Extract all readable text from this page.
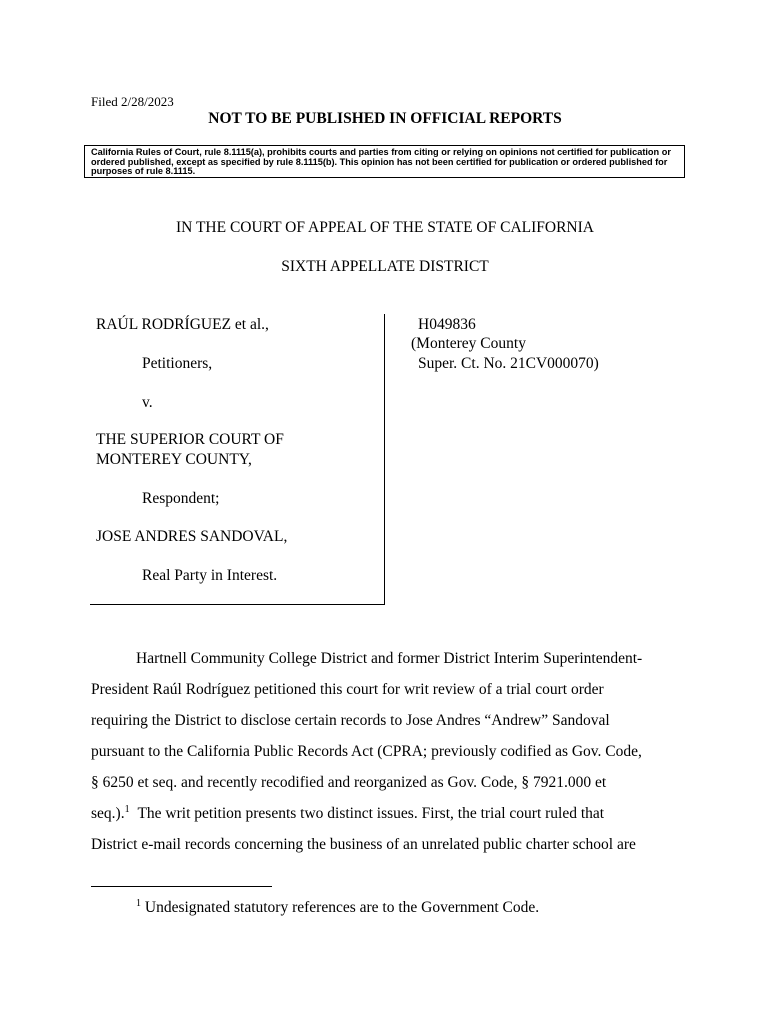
Filed 2/28/2023
NOT TO BE PUBLISHED IN OFFICIAL REPORTS
California Rules of Court, rule 8.1115(a), prohibits courts and parties from citing or relying on opinions not certified for publication or ordered published, except as specified by rule 8.1115(b). This opinion has not been certified for publication or ordered published for purposes of rule 8.1115.
IN THE COURT OF APPEAL OF THE STATE OF CALIFORNIA
SIXTH APPELLATE DISTRICT
RAÚL RODRÍGUEZ et al.,
Petitioners,
v.
THE SUPERIOR COURT OF
MONTEREY COUNTY,
Respondent;
JOSE ANDRES SANDOVAL,
Real Party in Interest.
H049836
(Monterey County
Super. Ct. No. 21CV000070)
Hartnell Community College District and former District Interim Superintendent-
President Raúl Rodríguez petitioned this court for writ review of a trial court order
requiring the District to disclose certain records to Jose Andres “Andrew” Sandoval
pursuant to the California Public Records Act (CPRA; previously codified as Gov. Code,
§ 6250 et seq. and recently recodified and reorganized as Gov. Code, § 7921.000 et
seq.).$^1$ The writ petition presents two distinct issues. First, the trial court ruled that
District e-mail records concerning the business of an unrelated public charter school are
$^1$ Undesignated statutory references are to the Government Code.
